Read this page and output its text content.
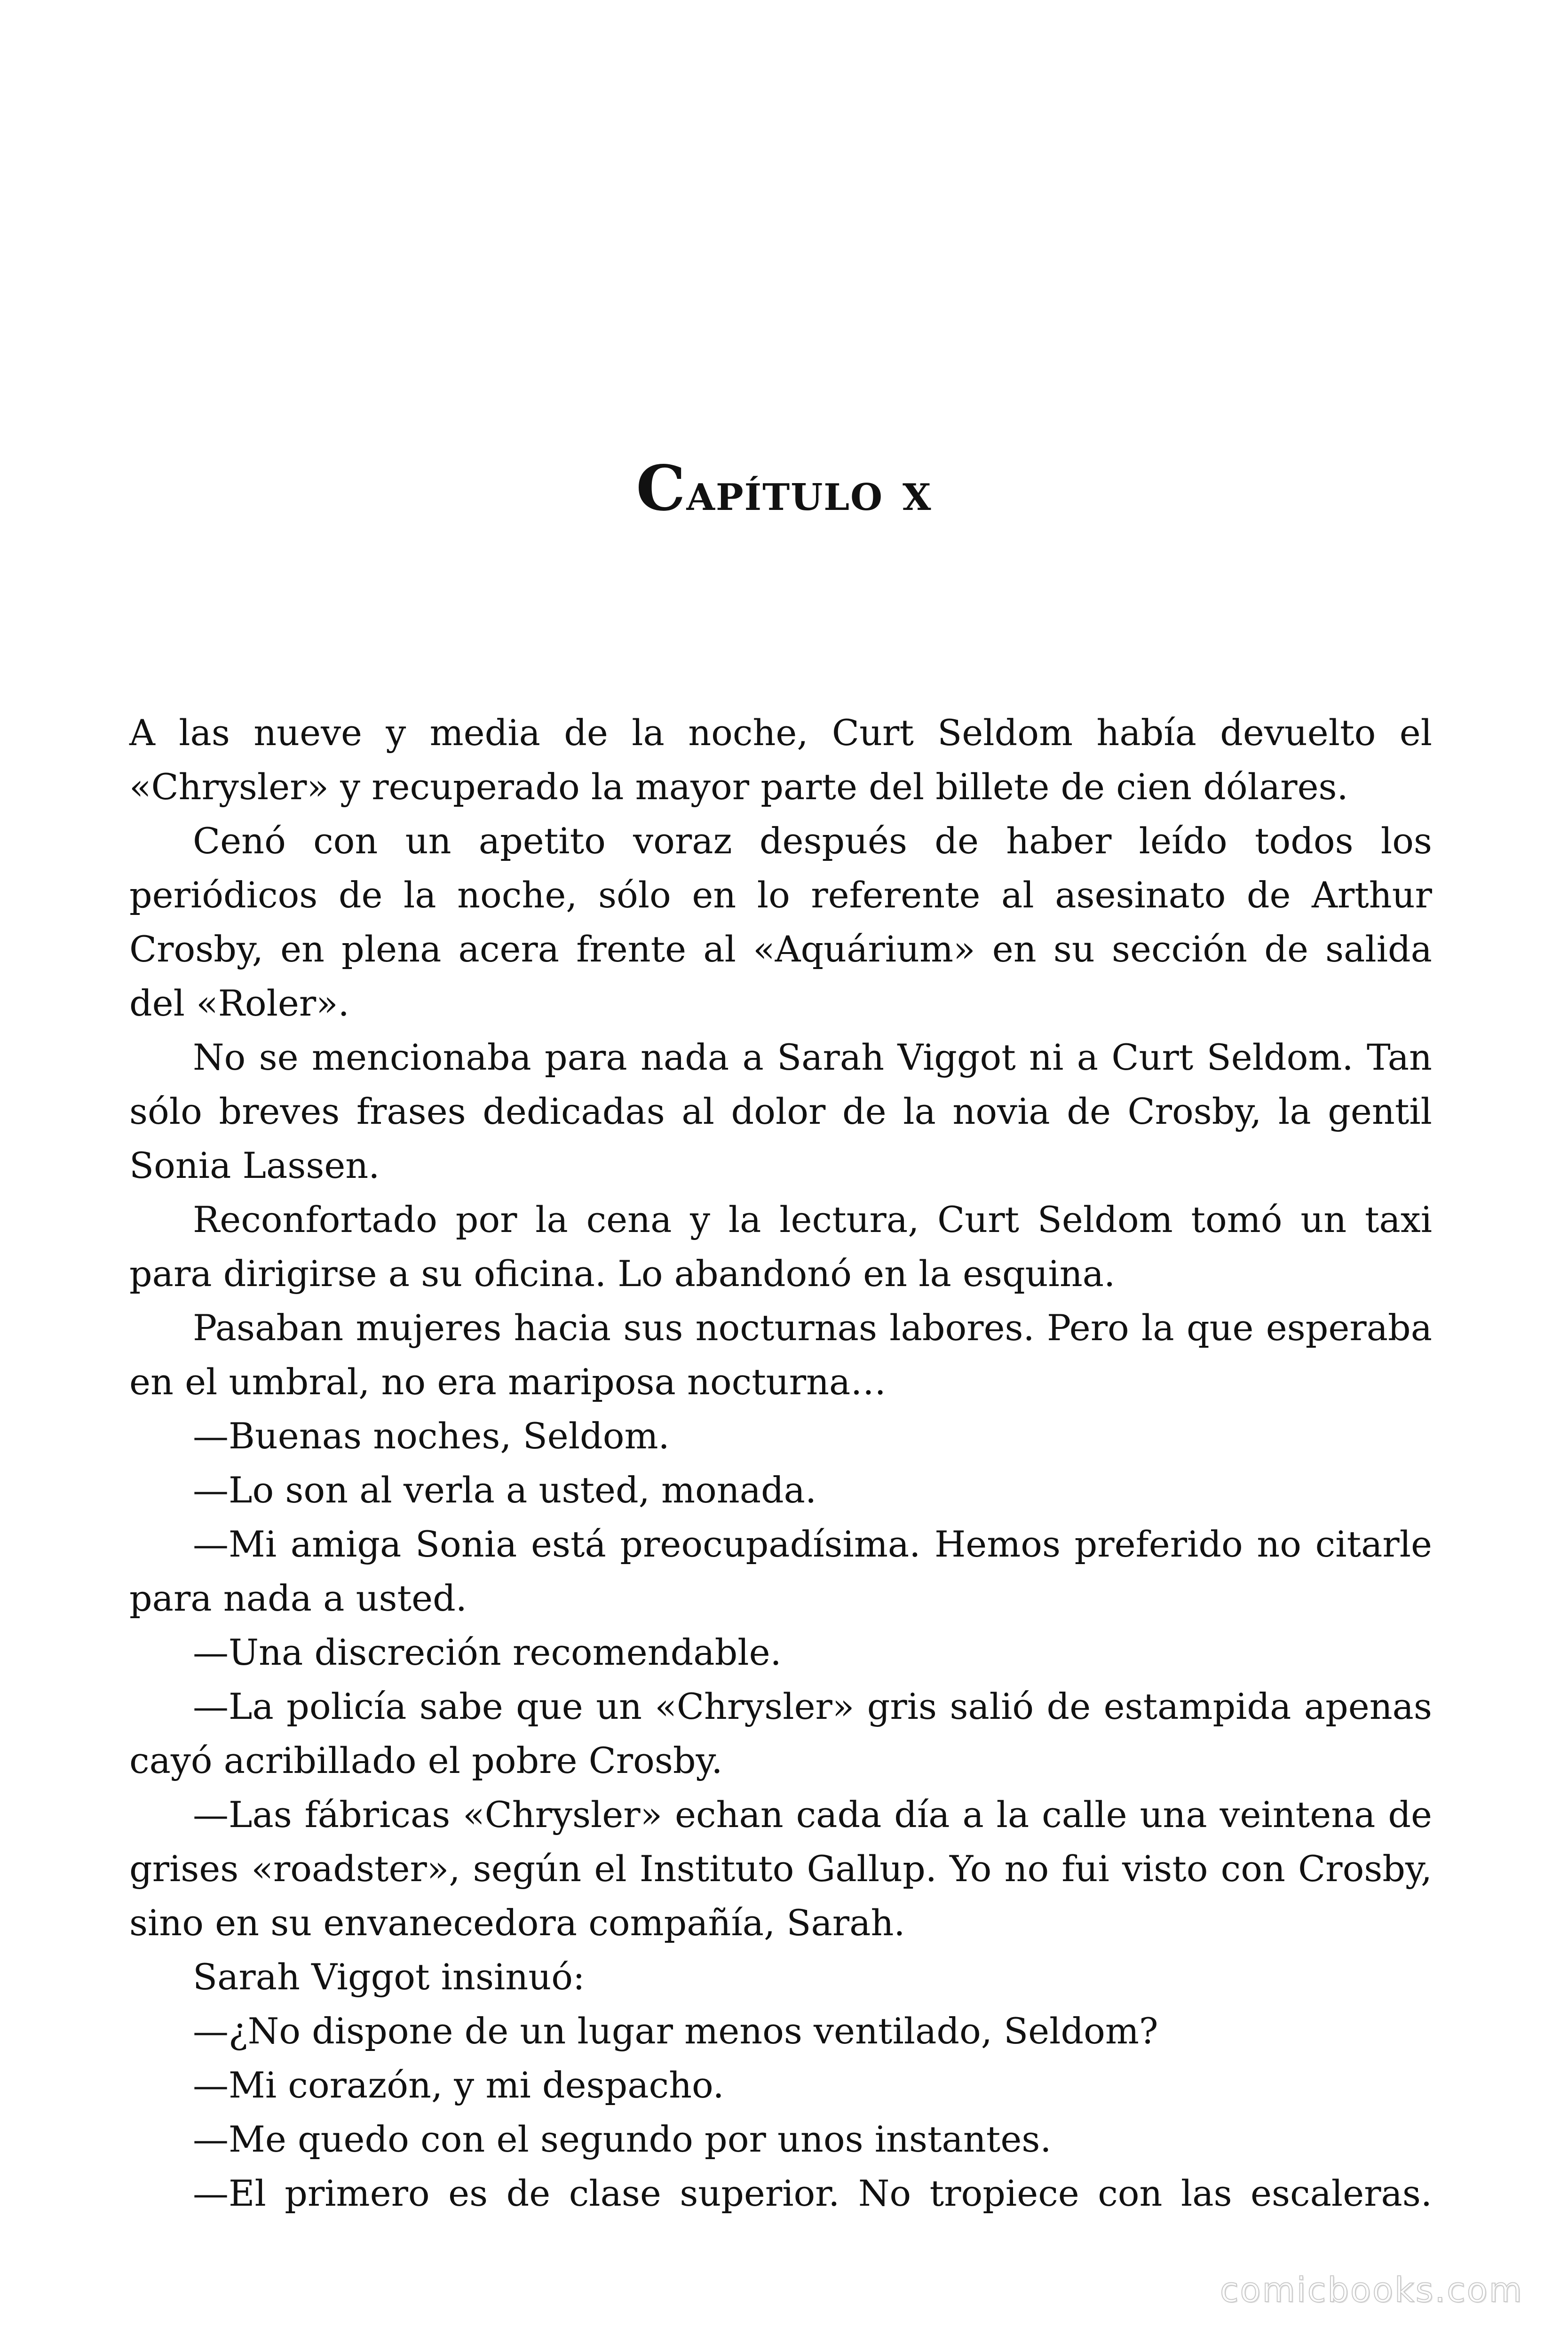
Capítulo x

A las nueve y media de la noche, Curt Seldom había devuelto el «Chrysler» y recuperado la mayor parte del billete de cien dólares.

Cenó con un apetito voraz después de haber leído todos los periódicos de la noche, sólo en lo referente al asesinato de Arthur Crosby, en plena acera frente al «Aquárium» en su sección de salida del «Roler».

No se mencionaba para nada a Sarah Viggot ni a Curt Seldom. Tan sólo breves frases dedicadas al dolor de la novia de Crosby, la gentil Sonia Lassen.

Reconfortado por la cena y la lectura, Curt Seldom tomó un taxi para dirigirse a su oficina. Lo abandonó en la esquina.

Pasaban mujeres hacia sus nocturnas labores. Pero la que esperaba en el umbral, no era mariposa nocturna…

—Buenas noches, Seldom.

—Lo son al verla a usted, monada.

—Mi amiga Sonia está preocupadísima. Hemos preferido no citarle para nada a usted.

—Una discreción recomendable.

—La policía sabe que un «Chrysler» gris salió de estampida apenas cayó acribillado el pobre Crosby.

—Las fábricas «Chrysler» echan cada día a la calle una veintena de grises «roadster», según el Instituto Gallup. Yo no fui visto con Crosby, sino en su envanecedora compañía, Sarah.

Sarah Viggot insinuó:

—¿No dispone de un lugar menos ventilado, Seldom?

—Mi corazón, y mi despacho.

—Me quedo con el segundo por unos instantes.

—El primero es de clase superior. No tropiece con las escaleras.

comicbooks.com
